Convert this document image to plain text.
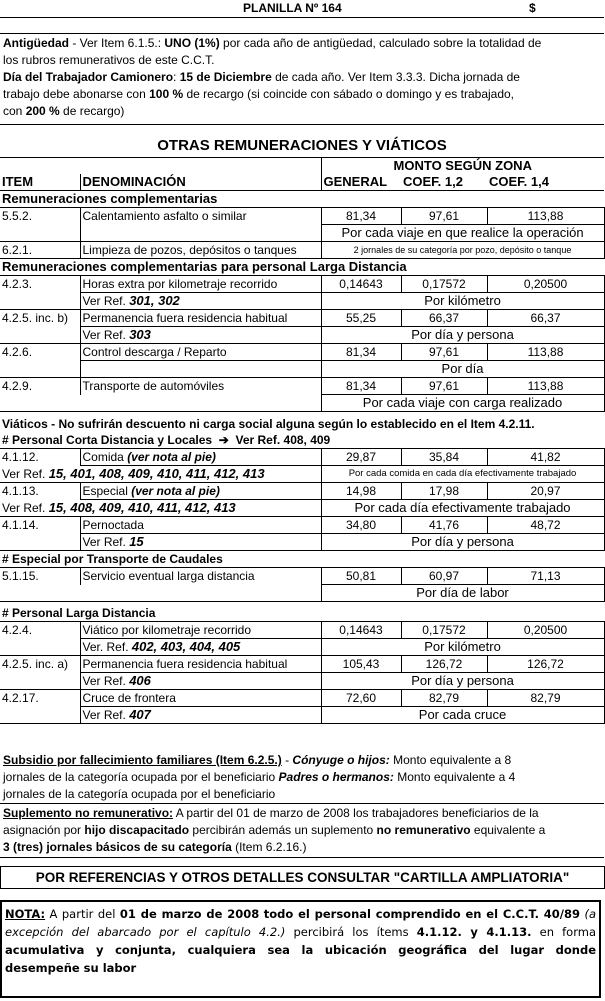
PLANILLA Nº 164	$
Antigüedad - Ver Item 6.1.5.: UNO (1%) por cada año de antigüedad, calculado sobre la totalidad de
los rubros remunerativos de este C.C.T.
Día del Trabajador Camionero: 15 de Diciembre de cada año. Ver Item 3.3.3. Dicha jornada de
trabajo debe abonarse con 100 % de recargo (si coincide con sábado o domingo y es trabajado,
con 200 % de recargo)
OTRAS REMUNERACIONES Y VIÁTICOS
		MONTO SEGÚN ZONA		
ITEM	DENOMINACIÓN	GENERAL	COEF. 1,2	COEF. 1,4
Remuneraciones complementarias				
5.5.2.	Calentamiento asfalto o similar	81,34	97,61	113,88
		Por cada viaje en que realice la operación		
6.2.1.	Limpieza de pozos, depósitos o tanques	2 jornales de su categoría por pozo, depósito o tanque		
Remuneraciones complementarias para personal Larga Distancia				
4.2.3.	Horas extra por kilometraje recorrido	0,14643	0,17572	0,20500
	Ver Ref. 301, 302	Por kilómetro		
4.2.5. inc. b)	Permanencia fuera residencia habitual	55,25	66,37	66,37
	Ver Ref. 303	Por día y persona		
4.2.6.	Control descarga / Reparto	81,34	97,61	113,88
		Por día		
4.2.9.	Transporte de automóviles	81,34	97,61	113,88
		Por cada viaje con carga realizado		
Viáticos - No sufrirán descuento ni carga social alguna según lo establecido en el Item 4.2.11.				
# Personal Corta Distancia y Locales ➔ Ver Ref. 408, 409				
4.1.12.	Comida (ver nota al pie)	29,87	35,84	41,82
Ver Ref. 15, 401, 408, 409, 410, 411, 412, 413		Por cada comida en cada día efectivamente trabajado		
4.1.13.	Especial (ver nota al pie)	14,98	17,98	20,97
Ver Ref. 15, 408, 409, 410, 411, 412, 413		Por cada día efectivamente trabajado		
4.1.14.	Pernoctada	34,80	41,76	48,72
	Ver Ref. 15	Por día y persona		
# Especial por Transporte de Caudales				
5.1.15.	Servicio eventual larga distancia	50,81	60,97	71,13
		Por día de labor		
# Personal Larga Distancia				
4.2.4.	Viático por kilometraje recorrido	0,14643	0,17572	0,20500
	Ver. Ref. 402, 403, 404, 405	Por kilómetro		
4.2.5. inc. a)	Permanencia fuera residencia habitual	105,43	126,72	126,72
	Ver Ref. 406	Por día y persona		
4.2.17.	Cruce de frontera	72,60	82,79	82,79
	Ver Ref. 407	Por cada cruce		
Subsidio por fallecimiento familiares (Item 6.2.5.) - Cónyuge o hijos: Monto equivalente a 8
jornales de la categoría ocupada por el beneficiario Padres o hermanos: Monto equivalente a 4
jornales de la categoría ocupada por el beneficiario
Suplemento no remunerativo: A partir del 01 de marzo de 2008 los trabajadores beneficiarios de la
asignación por hijo discapacitado percibirán además un suplemento no remunerativo equivalente a
3 (tres) jornales básicos de su categoría (Item 6.2.16.)
POR REFERENCIAS Y OTROS DETALLES CONSULTAR "CARTILLA AMPLIATORIA"
NOTA: A partir del 01 de marzo de 2008 todo el personal comprendido en el C.C.T. 40/89 (a excepción del abarcado por el capítulo 4.2.) percibirá los ítems 4.1.12. y 4.1.13. en forma acumulativa y conjunta, cualquiera sea la ubicación geográfica del lugar donde desempeñe su labor
